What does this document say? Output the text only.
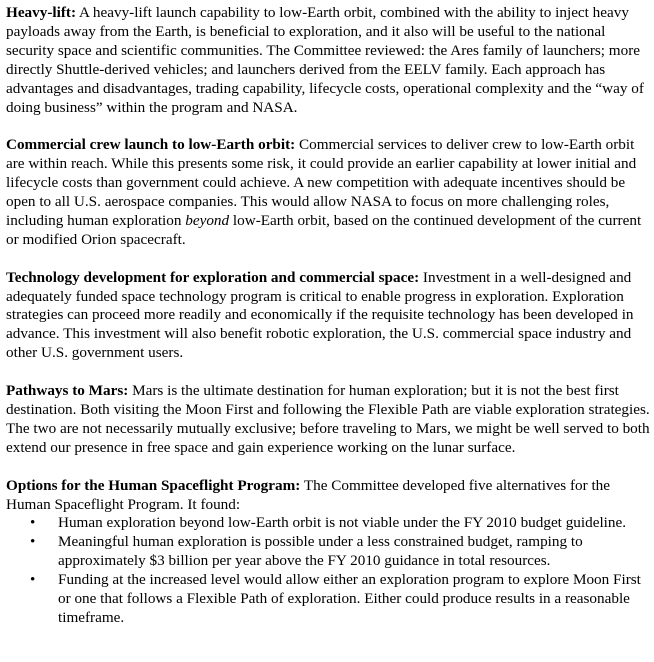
Heavy-lift: A heavy-lift launch capability to low-Earth orbit, combined with the ability to inject heavy payloads away from the Earth, is beneficial to exploration, and it also will be useful to the national security space and scientific communities. The Committee reviewed: the Ares family of launchers; more directly Shuttle-derived vehicles; and launchers derived from the EELV family. Each approach has advantages and disadvantages, trading capability, lifecycle costs, operational complexity and the “way of doing business” within the program and NASA.

Commercial crew launch to low-Earth orbit: Commercial services to deliver crew to low-Earth orbit are within reach. While this presents some risk, it could provide an earlier capability at lower initial and lifecycle costs than government could achieve. A new competition with adequate incentives should be open to all U.S. aerospace companies. This would allow NASA to focus on more challenging roles, including human exploration beyond low-Earth orbit, based on the continued development of the current or modified Orion spacecraft.

Technology development for exploration and commercial space: Investment in a well-designed and adequately funded space technology program is critical to enable progress in exploration. Exploration strategies can proceed more readily and economically if the requisite technology has been developed in advance. This investment will also benefit robotic exploration, the U.S. commercial space industry and other U.S. government users.

Pathways to Mars: Mars is the ultimate destination for human exploration; but it is not the best first destination. Both visiting the Moon First and following the Flexible Path are viable exploration strategies. The two are not necessarily mutually exclusive; before traveling to Mars, we might be well served to both extend our presence in free space and gain experience working on the lunar surface.

Options for the Human Spaceflight Program: The Committee developed five alternatives for the Human Spaceflight Program. It found:

• Human exploration beyond low-Earth orbit is not viable under the FY 2010 budget guideline.
• Meaningful human exploration is possible under a less constrained budget, ramping to approximately $3 billion per year above the FY 2010 guidance in total resources.
• Funding at the increased level would allow either an exploration program to explore Moon First or one that follows a Flexible Path of exploration. Either could produce results in a reasonable timeframe.
